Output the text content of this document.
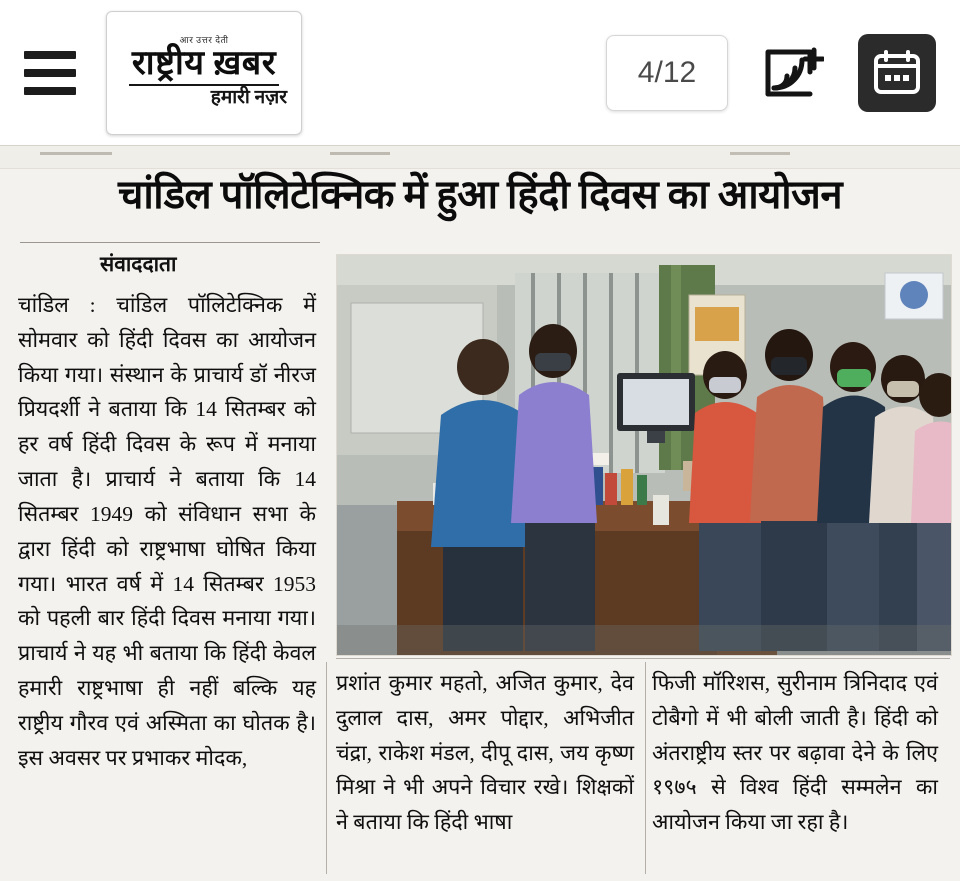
आर उत्तर देती
राष्ट्रीय ख़बर
हमारी नज़र
4/12
चांडिल पॉलिटेक्निक में हुआ हिंदी दिवस का आयोजन
संवाददाता
चांडिल : चांडिल पॉलिटेक्निक में सोमवार को हिंदी दिवस का आयोजन किया गया। संस्थान के प्राचार्य डॉ नीरज प्रियदर्शी ने बताया कि 14 सितम्बर को हर वर्ष हिंदी दिवस के रूप में मनाया जाता है। प्राचार्य ने बताया कि 14 सितम्बर 1949 को संविधान सभा के द्वारा हिंदी को राष्ट्रभाषा घोषित किया गया। भारत वर्ष में 14 सितम्बर 1953 को पहली बार हिंदी दिवस मनाया गया। प्राचार्य ने यह भी बताया कि हिंदी केवल हमारी राष्ट्रभाषा ही नहीं बल्कि यह राष्ट्रीय गौरव एवं अस्मिता का घोतक है। इस अवसर पर प्रभाकर मोदक,
प्रशांत कुमार महतो, अजित कुमार, देव दुलाल दास, अमर पोद्दार, अभिजीत चंद्रा, राकेश मंडल, दीपू दास, जय कृष्ण मिश्रा ने भी अपने विचार रखे। शिक्षकों ने बताया कि हिंदी भाषा
फिजी मॉरिशस, सुरीनाम त्रिनिदाद एवं टोबैगो में भी बोली जाती है। हिंदी को अंतराष्ट्रीय स्तर पर बढ़ावा देने के लिए १९७५ से विश्व हिंदी सम्मलेन का आयोजन किया जा रहा है।
